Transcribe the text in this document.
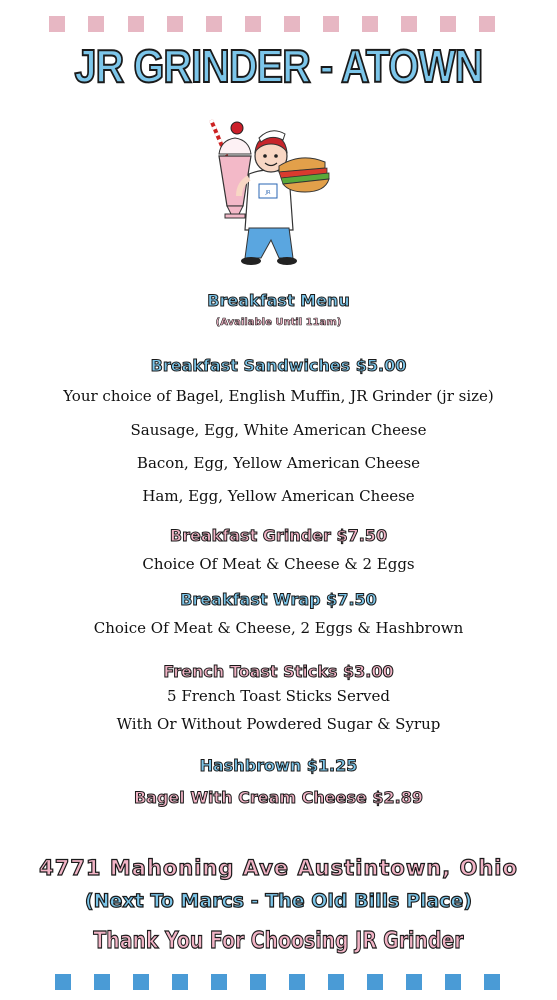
JR GRINDER - ATOWN
JR
Breakfast Menu
(Available Until 11am)
Breakfast Sandwiches $5.00
Your choice of Bagel, English Muffin, JR Grinder (jr size)
Sausage, Egg, White American Cheese
Bacon, Egg, Yellow American Cheese
Ham, Egg, Yellow American Cheese
Breakfast Grinder $7.50
Choice Of Meat & Cheese & 2 Eggs
Breakfast Wrap $7.50
Choice Of Meat & Cheese, 2 Eggs & Hashbrown
French Toast Sticks $3.00
5 French Toast Sticks Served
With Or Without Powdered Sugar & Syrup
Hashbrown $1.25
Bagel With Cream Cheese $2.89
4771 Mahoning Ave Austintown, Ohio
(Next To Marcs - The Old Bills Place)
Thank You For Choosing JR Grinder
